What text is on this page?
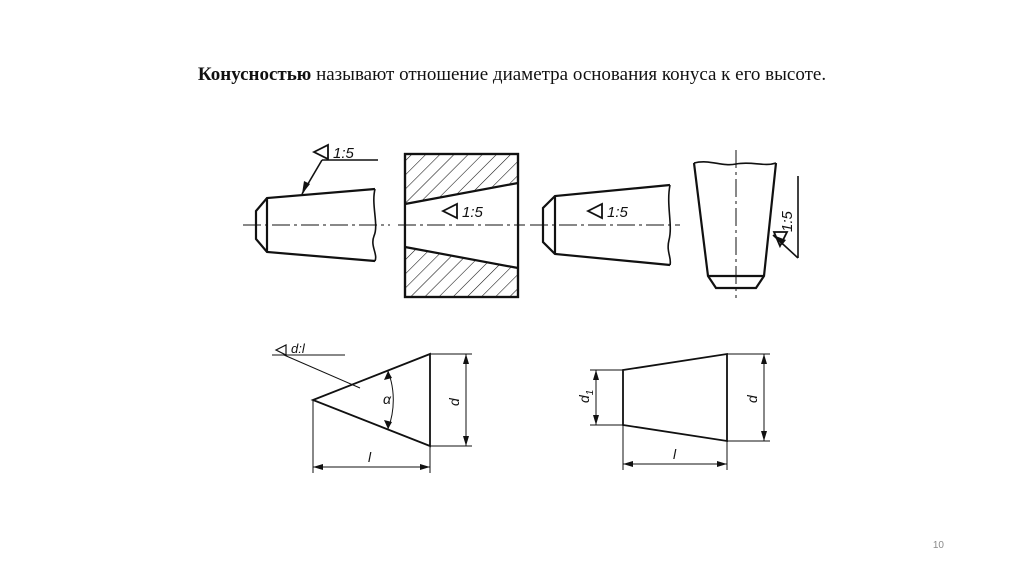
Конусностью называют отношение диаметра основания конуса к его высоте.
1:5
1:5	1:5	1:5
d:l
α	d
l
$d_1$
d
l
10
